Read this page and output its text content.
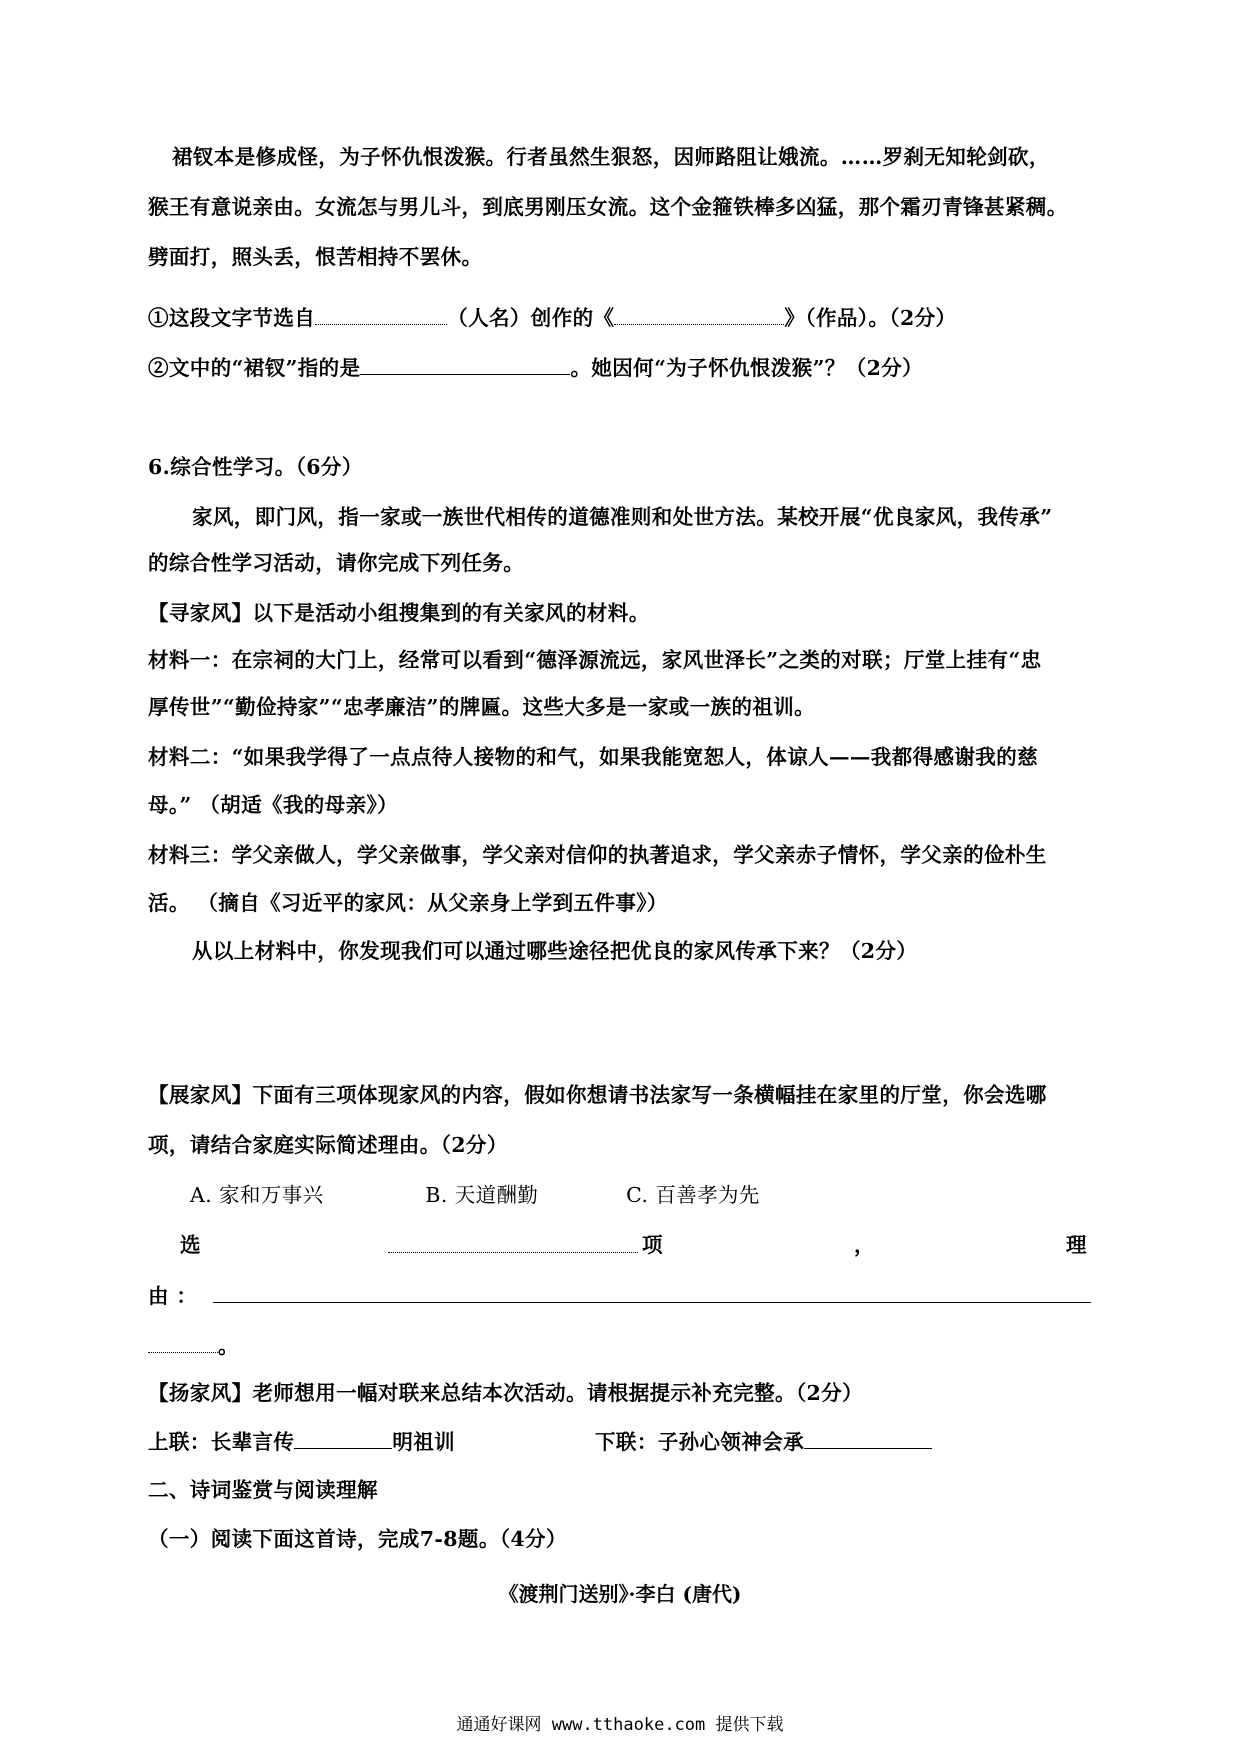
裙钗本是修成怪，为子怀仇恨泼猴。行者虽然生狠怒，因师路阻让娥流。……罗刹无知轮剑砍，
猴王有意说亲由。女流怎与男儿斗，到底男刚压女流。这个金箍铁棒多凶猛，那个霜刃青锋甚紧稠。
劈面打，照头丢，恨苦相持不罢休。
①这段文字节选自	（人名）创作的《	》（作品）。（2分）
②文中的“裙钗”指的是	。她因何“为子怀仇恨泼猴”？（2分）
6.综合性学习。（6分）
家风，即门风，指一家或一族世代相传的道德准则和处世方法。某校开展“优良家风，我传承”
的综合性学习活动，请你完成下列任务。
【寻家风】以下是活动小组搜集到的有关家风的材料。
材料一：在宗祠的大门上，经常可以看到“德泽源流远，家风世泽长”之类的对联；厅堂上挂有“忠
厚传世”“勤俭持家”“忠孝廉洁”的牌匾。这些大多是一家或一族的祖训。
材料二：“如果我学得了一点点待人接物的和气，如果我能宽恕人，体谅人——我都得感谢我的慈
母。” （胡适《我的母亲》）
材料三：学父亲做人，学父亲做事，学父亲对信仰的执著追求，学父亲赤子情怀，学父亲的俭朴生
活。 （摘自《习近平的家风：从父亲身上学到五件事》）
从以上材料中，你发现我们可以通过哪些途径把优良的家风传承下来？（2分）
【展家风】下面有三项体现家风的内容，假如你想请书法家写一条横幅挂在家里的厅堂，你会选哪
项，请结合家庭实际简述理由。（2分）
A. 家和万事兴	B. 天道酬勤	C. 百善孝为先
选	项	，	理
由 ：
。
【扬家风】老师想用一幅对联来总结本次活动。请根据提示补充完整。（2分）
上联：长辈言传	明祖训	下联：子孙心领神会承
二、诗词鉴赏与阅读理解
（一）阅读下面这首诗，完成7-8题。（4分）
《渡荆门送别》·李白 (唐代)
通通好课网 www.tthaoke.com 提供下载
